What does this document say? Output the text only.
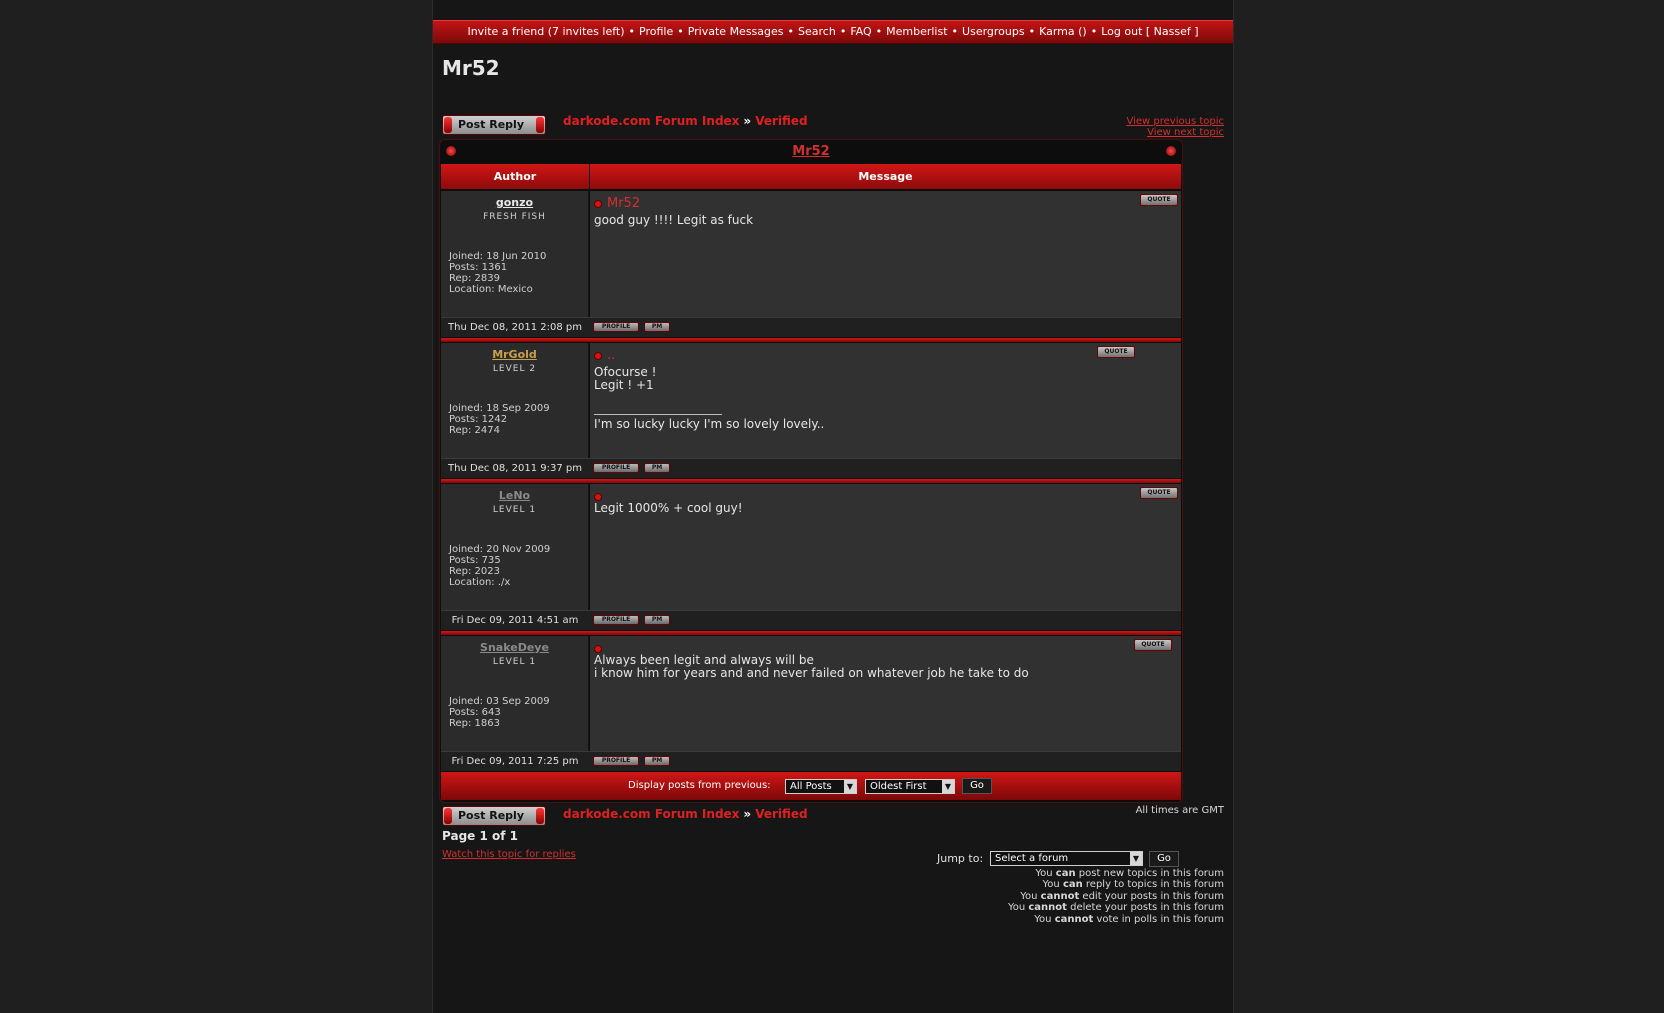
Invite a friend (7 invites left) • Profile • Private Messages • Search • FAQ • Memberlist • Usergroups • Karma () • Log out [ Nassef ]
Mr52
Post Reply	darkode.com Forum Index » Verified	View previous topic
View next topic
Mr52
Author	Message
gonzo
FRESH FISH
Joined: 18 Jun 2010
Posts: 1361
Rep: 2839
Location: Mexico
Mr52
good guy !!!! Legit as fuck
QUOTE
Thu Dec 08, 2011 2:08 pm	PROFILE	PM
MrGold
LEVEL 2
Joined: 18 Sep 2009
Posts: 1242
Rep: 2474
..
Ofocurse !
Legit ! +1
I'm so lucky lucky I'm so lovely lovely..
QUOTE
Thu Dec 08, 2011 9:37 pm	PROFILE	PM
LeNo
LEVEL 1
Joined: 20 Nov 2009
Posts: 735
Rep: 2023
Location: ./x
Legit 1000% + cool guy!
QUOTE
Fri Dec 09, 2011 4:51 am	PROFILE	PM
SnakeDeye
LEVEL 1
Joined: 03 Sep 2009
Posts: 643
Rep: 1863
Always been legit and always will be
i know him for years and and never failed on whatever job he take to do
QUOTE
Fri Dec 09, 2011 7:25 pm	PROFILE	PM
Display posts from previous:	All Posts	▼	Oldest First	▼	Go
Post Reply	darkode.com Forum Index » Verified	All times are GMT
Page 1 of 1
Watch this topic for replies	Jump to:	Select a forum	▼	Go
You can post new topics in this forum
You can reply to topics in this forum
You cannot edit your posts in this forum
You cannot delete your posts in this forum
You cannot vote in polls in this forum
